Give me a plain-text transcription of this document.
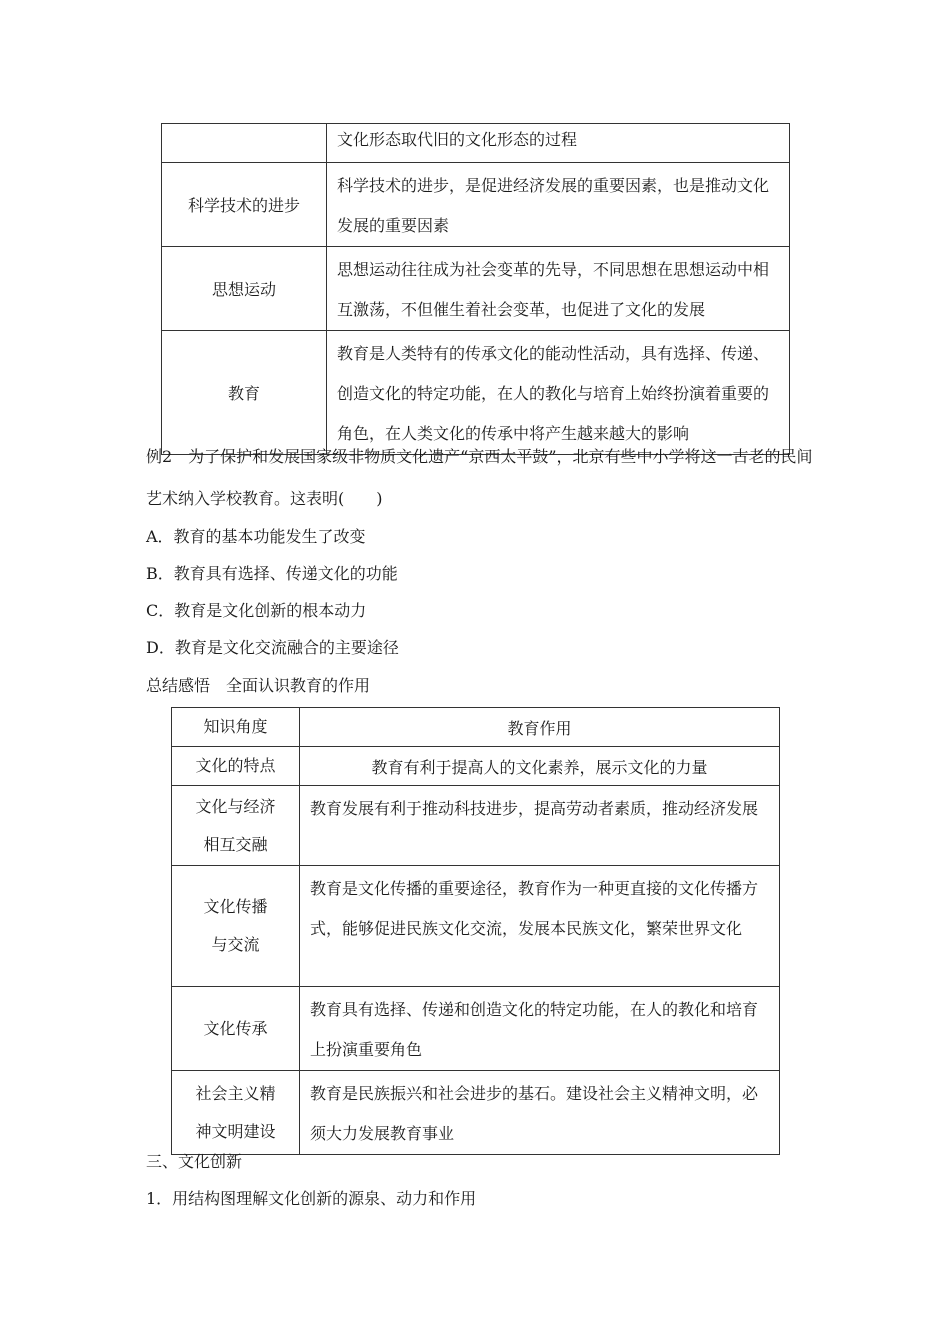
	文化形态取代旧的文化形态的过程
科学技术的进步	科学技术的进步，是促进经济发展的重要因素，也是推动文化发展的重要因素
思想运动	思想运动往往成为社会变革的先导，不同思想在思想运动中相互激荡，不但催生着社会变革，也促进了文化的发展
教育	教育是人类特有的传承文化的能动性活动，具有选择、传递、创造文化的特定功能，在人的教化与培育上始终扮演着重要的角色，在人类文化的传承中将产生越来越大的影响
例2　为了保护和发展国家级非物质文化遗产“京西太平鼓”，北京有些中小学将这一古老的民间艺术纳入学校教育。这表明(　　)
A．教育的基本功能发生了改变
B．教育具有选择、传递文化的功能
C．教育是文化创新的根本动力
D．教育是文化交流融合的主要途径
总结感悟　全面认识教育的作用
知识角度	教育作用
文化的特点	教育有利于提高人的文化素养，展示文化的力量

文化与经济
相互交融	教育发展有利于推动科技进步，提高劳动者素质，推动经济发展

文化传播
与交流	教育是文化传播的重要途径，教育作为一种更直接的文化传播方式，能够促进民族文化交流，发展本民族文化，繁荣世界文化
文化传承	教育具有选择、传递和创造文化的特定功能，在人的教化和培育上扮演重要角色

社会主义精
神文明建设	教育是民族振兴和社会进步的基石。建设社会主义精神文明，必须大力发展教育事业
三、文化创新
1．用结构图理解文化创新的源泉、动力和作用
